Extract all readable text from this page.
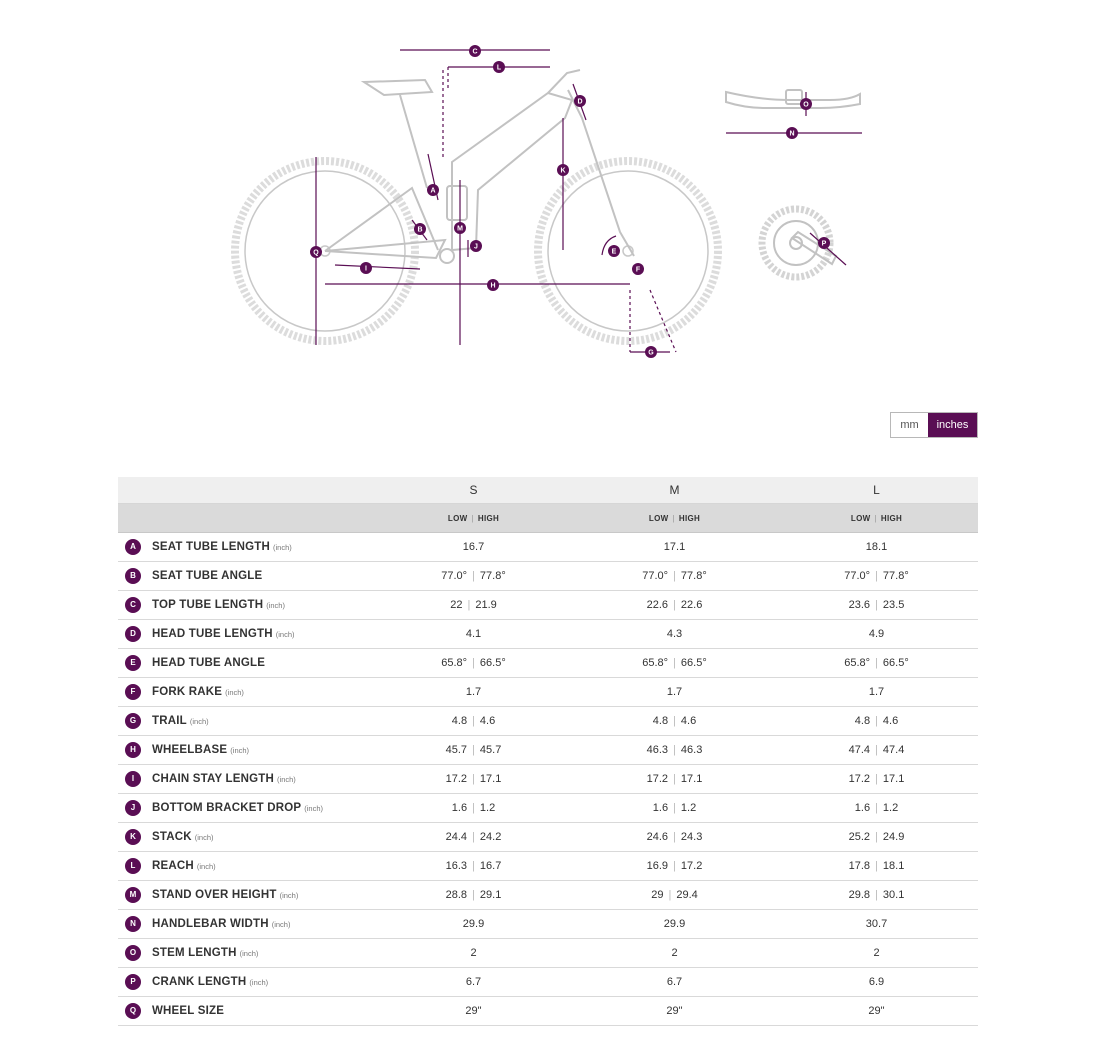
C
L
D
K
A
B	M
J
Q
I
H
E
F
G
O
N
P
mm	inches
	S	M	L
	LOW | HIGH	LOW | HIGH	LOW | HIGH
A SEAT TUBE LENGTH (inch)	16.7	17.1	18.1
B SEAT TUBE ANGLE	77.0° | 77.8°	77.0° | 77.8°	77.0° | 77.8°
C TOP TUBE LENGTH (inch)	22 | 21.9	22.6 | 22.6	23.6 | 23.5
D HEAD TUBE LENGTH (inch)	4.1	4.3	4.9
E HEAD TUBE ANGLE	65.8° | 66.5°	65.8° | 66.5°	65.8° | 66.5°
F FORK RAKE (inch)	1.7	1.7	1.7
G TRAIL (inch)	4.8 | 4.6	4.8 | 4.6	4.8 | 4.6
H WHEELBASE (inch)	45.7 | 45.7	46.3 | 46.3	47.4 | 47.4
I CHAIN STAY LENGTH (inch)	17.2 | 17.1	17.2 | 17.1	17.2 | 17.1
J BOTTOM BRACKET DROP (inch)	1.6 | 1.2	1.6 | 1.2	1.6 | 1.2
K STACK (inch)	24.4 | 24.2	24.6 | 24.3	25.2 | 24.9
L REACH (inch)	16.3 | 16.7	16.9 | 17.2	17.8 | 18.1
M STAND OVER HEIGHT (inch)	28.8 | 29.1	29 | 29.4	29.8 | 30.1
N HANDLEBAR WIDTH (inch)	29.9	29.9	30.7
O STEM LENGTH (inch)	2	2	2
P CRANK LENGTH (inch)	6.7	6.7	6.9
Q WHEEL SIZE	29"	29"	29"
